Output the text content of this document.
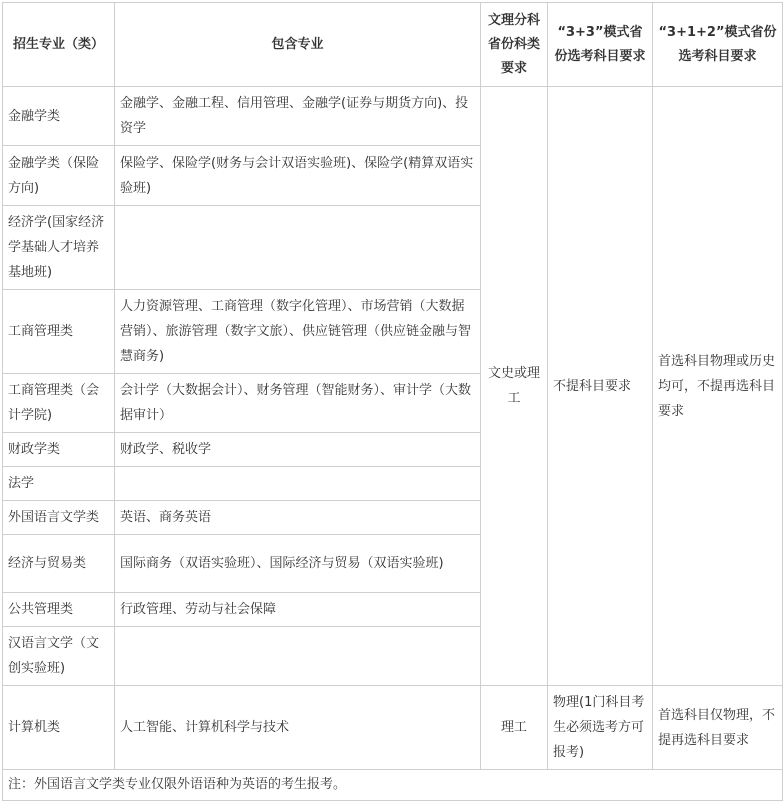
招生专业（类）	包含专业	文理分科省份科类要求	“3+3”模式省份选考科目要求	“3+1+2”模式省份选考科目要求
金融学类	金融学、金融工程、信用管理、金融学(证券与期货方向)、投资学	文史或理工	不提科目要求	首选科目物理或历史均可，不提再选科目要求
金融学类（保险方向)	保险学、保险学(财务与会计双语实验班)、保险学(精算双语实验班)			
经济学(国家经济学基础人才培养基地班)				
工商管理类	人力资源管理、工商管理（数字化管理）、市场营销（大数据营销）、旅游管理（数字文旅）、供应链管理（供应链金融与智慧商务)			
工商管理类（会计学院)	会计学（大数据会计）、财务管理（智能财务）、审计学（大数据审计）			
财政学类	财政学、税收学			
法学				
外国语言文学类	英语、商务英语			
经济与贸易类	国际商务（双语实验班）、国际经济与贸易（双语实验班)			
公共管理类	行政管理、劳动与社会保障			
汉语言文学（文创实验班)				
计算机类	人工智能、计算机科学与技术	理工	物理(1门科目考生必须选考方可报考)	首选科目仅物理，不提再选科目要求
注：外国语言文学类专业仅限外语语种为英语的考生报考。				
